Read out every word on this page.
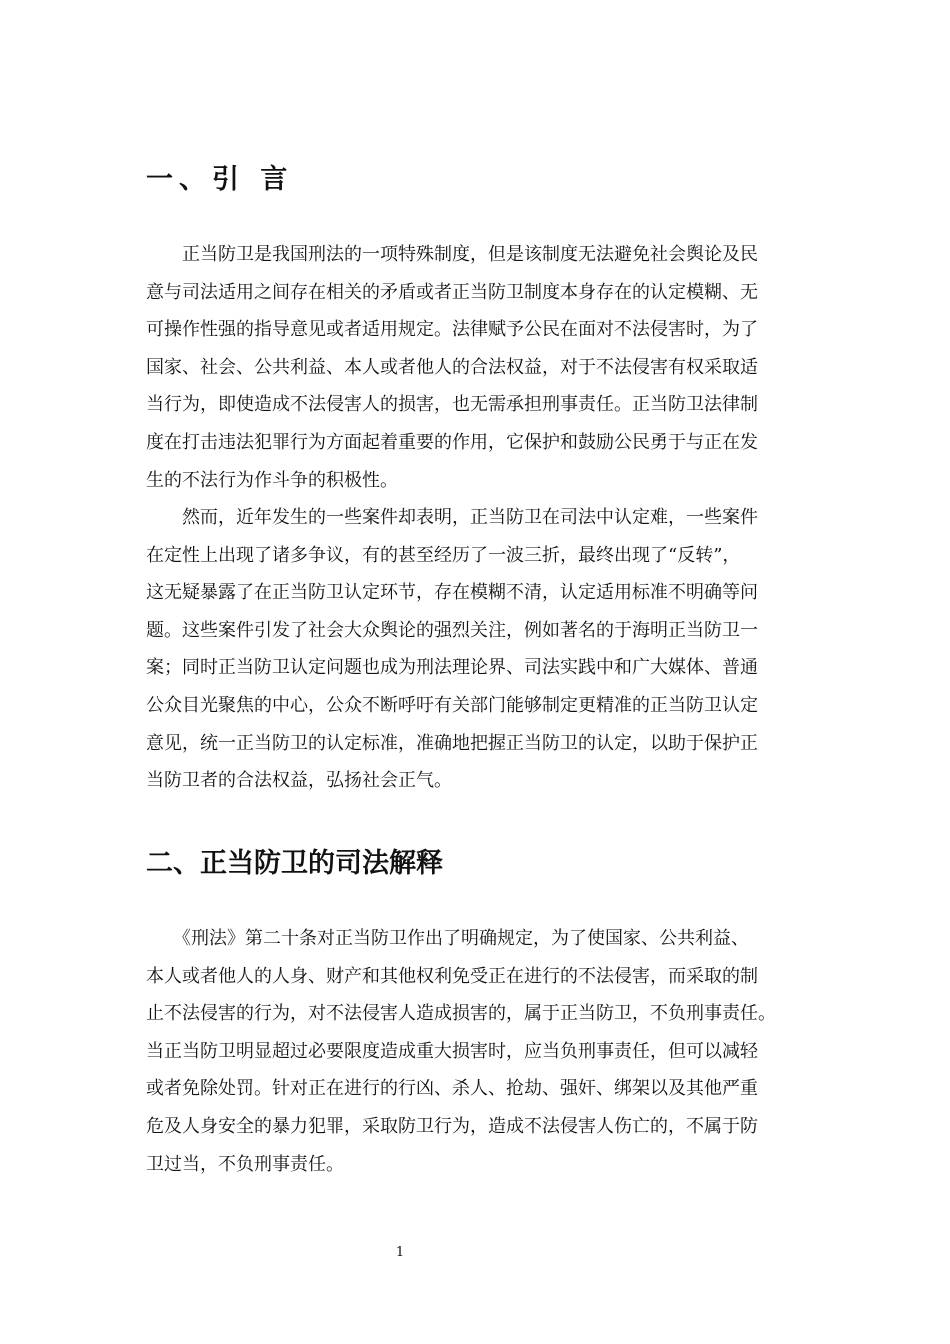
一、引 言
　　正当防卫是我国刑法的一项特殊制度，但是该制度无法避免社会舆论及民
意与司法适用之间存在相关的矛盾或者正当防卫制度本身存在的认定模糊、无
可操作性强的指导意见或者适用规定。法律赋予公民在面对不法侵害时，为了
国家、社会、公共利益、本人或者他人的合法权益，对于不法侵害有权采取适
当行为，即使造成不法侵害人的损害，也无需承担刑事责任。正当防卫法律制
度在打击违法犯罪行为方面起着重要的作用，它保护和鼓励公民勇于与正在发
生的不法行为作斗争的积极性。
　　然而，近年发生的一些案件却表明，正当防卫在司法中认定难，一些案件
在定性上出现了诸多争议，有的甚至经历了一波三折，最终出现了“反转”，
这无疑暴露了在正当防卫认定环节，存在模糊不清，认定适用标准不明确等问
题。这些案件引发了社会大众舆论的强烈关注，例如著名的于海明正当防卫一
案；同时正当防卫认定问题也成为刑法理论界、司法实践中和广大媒体、普通
公众目光聚焦的中心，公众不断呼吁有关部门能够制定更精准的正当防卫认定
意见，统一正当防卫的认定标准，准确地把握正当防卫的认定，以助于保护正
当防卫者的合法权益，弘扬社会正气。
二、正当防卫的司法解释
　　《刑法》第二十条对正当防卫作出了明确规定，为了使国家、公共利益、
本人或者他人的人身、财产和其他权利免受正在进行的不法侵害，而采取的制
止不法侵害的行为，对不法侵害人造成损害的，属于正当防卫，不负刑事责任。
当正当防卫明显超过必要限度造成重大损害时，应当负刑事责任，但可以减轻
或者免除处罚。针对正在进行的行凶、杀人、抢劫、强奸、绑架以及其他严重
危及人身安全的暴力犯罪，采取防卫行为，造成不法侵害人伤亡的，不属于防
卫过当，不负刑事责任。
1
